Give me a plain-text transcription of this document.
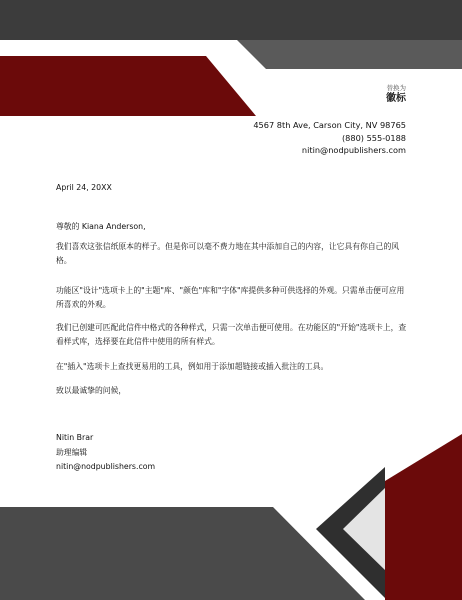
替换为
徽标
4567 8th Ave, Carson City, NV 98765
(880) 555-0188
nitin@nodpublishers.com
April 24, 20XX
尊敬的 Kiana Anderson,
我们喜欢这张信纸原本的样子。但是你可以毫不费力地在其中添加自己的内容，让它具有你自己的风格。
功能区"设计"选项卡上的"主题"库、"颜色"库和"字体"库提供多种可供选择的外观。只需单击便可应用所喜欢的外观。
我们已创建可匹配此信件中格式的各种样式，只需一次单击便可使用。在功能区的"开始"选项卡上，查看样式库，选择要在此信件中使用的所有样式。
在"插入"选项卡上查找更易用的工具，例如用于添加超链接或插入批注的工具。
致以最诚挚的问候，
Nitin Brar
助理编辑
nitin@nodpublishers.com
